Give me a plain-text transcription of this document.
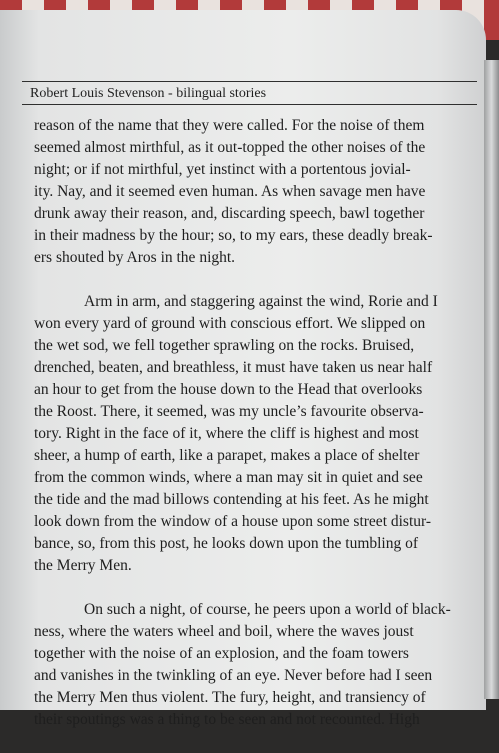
Robert Louis Stevenson - bilingual stories
reason of the name that they were called. For the noise of them
seemed almost mirthful, as it out-topped the other noises of the
night; or if not mirthful, yet instinct with a portentous jovial-
ity. Nay, and it seemed even human. As when savage men have
drunk away their reason, and, discarding speech, bawl together
in their madness by the hour; so, to my ears, these deadly break-
ers shouted by Aros in the night.
Arm in arm, and staggering against the wind, Rorie and I
won every yard of ground with conscious effort. We slipped on
the wet sod, we fell together sprawling on the rocks. Bruised,
drenched, beaten, and breathless, it must have taken us near half
an hour to get from the house down to the Head that overlooks
the Roost. There, it seemed, was my uncle’s favourite observa-
tory. Right in the face of it, where the cliff is highest and most
sheer, a hump of earth, like a parapet, makes a place of shelter
from the common winds, where a man may sit in quiet and see
the tide and the mad billows contending at his feet. As he might
look down from the window of a house upon some street distur-
bance, so, from this post, he looks down upon the tumbling of
the Merry Men.
On such a night, of course, he peers upon a world of black-
ness, where the waters wheel and boil, where the waves joust
together with the noise of an explosion, and the foam towers
and vanishes in the twinkling of an eye. Never before had I seen
the Merry Men thus violent. The fury, height, and transiency of
their spoutings was a thing to be seen and not recounted. High
